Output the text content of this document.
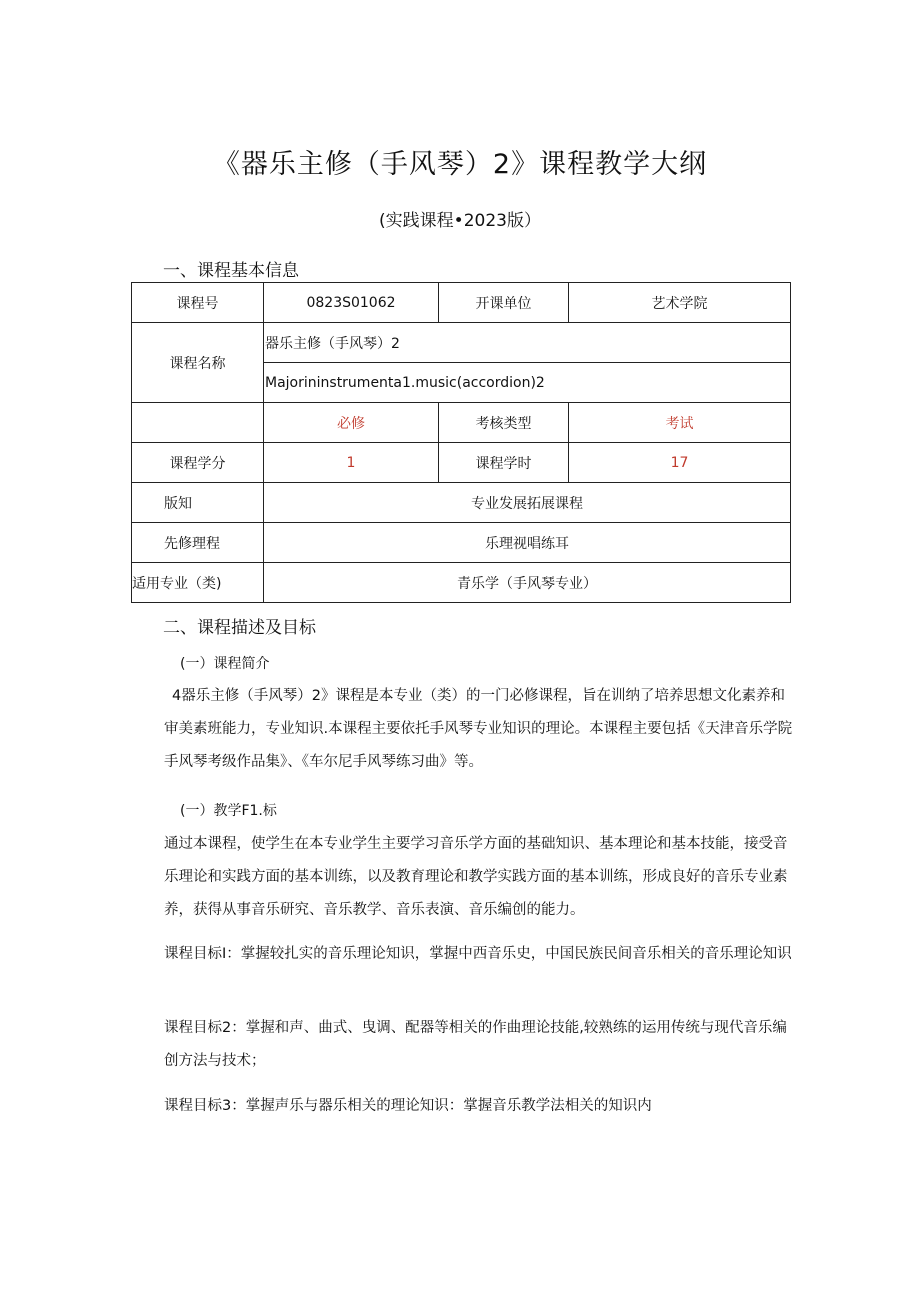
《器乐主修（手风琴）2》课程教学大纲
(实践课程•2023版）
一、课程基本信息
课程号	0823S01062	开课单位	艺术学院
课程名称	器乐主修（手风琴）2		
	Majorininstrumenta1.music(accordion)2		
	必修	考核类型	考试
课程学分	1	课程学时	17
版知	专业发展拓展课程		
先修理程	乐理视唱练耳		
适用专业（类)	青乐学（手风琴专业）		
二、课程描述及目标
(一）课程简介

4器乐主修（手风琴）2》课程是本专业（类）的一门必修课程，旨在训纳了培养思想文化素养和审美素班能力，专业知识.本课程主要依托手风琴专业知识的理论。本课程主要包括《天津音乐学院手风琴考级作品集》、《车尔尼手风琴练习曲》等。

(一）教学F1.标

通过本课程，使学生在本专业学生主要学习音乐学方面的基础知识、基本理论和基本技能，接受音乐理论和实践方面的基本训练，以及教育理论和教学实践方面的基本训练，形成良好的音乐专业素养，获得从事音乐研究、音乐教学、音乐表演、音乐编创的能力。

课程目标I：掌握较扎实的音乐理论知识，掌握中西音乐史，中国民族民间音乐相关的音乐理论知识

课程目标2：掌握和声、曲式、曳调、配器等相关的作曲理论技能,较熟练的运用传统与现代音乐编创方法与技术；

课程目标3：掌握声乐与器乐相关的理论知识：掌握音乐教学法相关的知识内
